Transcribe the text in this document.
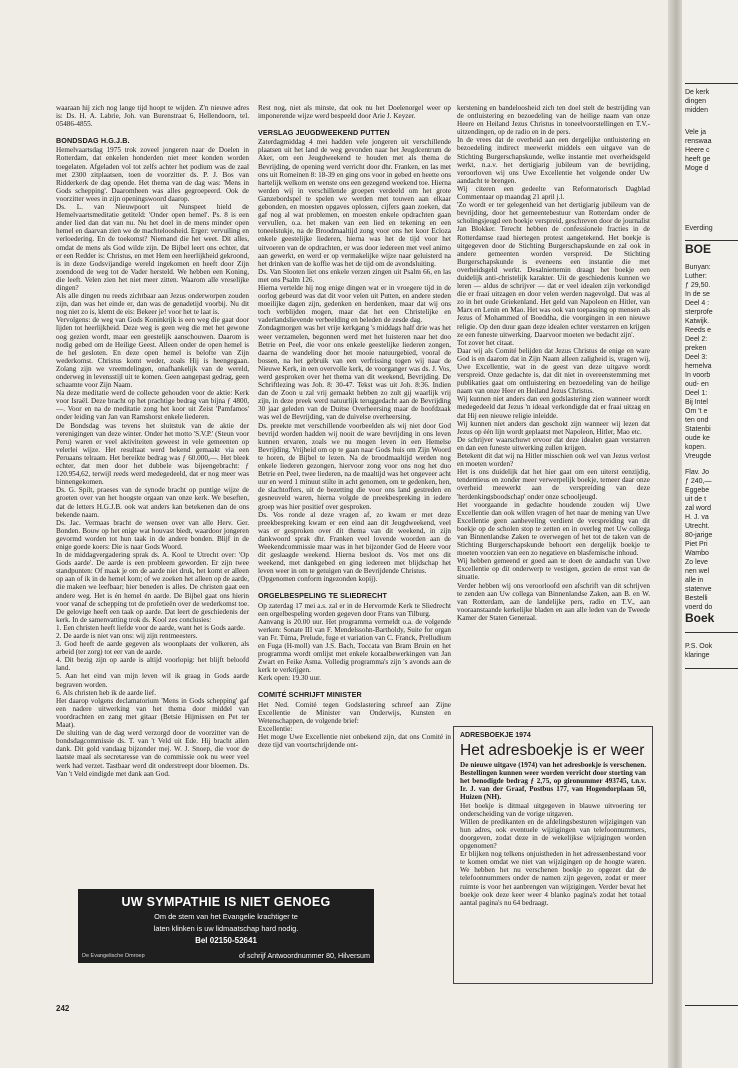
waaraan hij zich nog lange tijd hoopt te wijden. Z'n nieuwe adres is: Ds. H. A. Labrie, Joh. van Burenstraat 6, Hellendoorn, tel. 05486-4855.

BONDSDAG H.G.J.B.

Hemelvaartsdag 1975 trok zoveel jongeren naar de Doelen in Rotterdam, dat enkelen honderden niet meer konden worden toegelaten. Afgeladen vol tot zelfs achter het podium was de zaal met 2300 zitplaatsen, toen de voorzitter ds. P. J. Bos van Ridderkerk de dag opende. Het thema van de dag was: 'Mens in Gods schepping'. Daaromheen was alles gegroepeerd. Ook de voorzitter wees in zijn openingswoord daarop.

Ds. L. van Nieuwpoort uit Nunspeet hield de Hemelvaartsmeditatie getiteld: 'Onder open hemel'. Ps. 8 is een ander lied dan dat van nu. Nu het doel in de mens minder open hemel en daarvan zien we de machteloosheid. Erger: vervuiling en verloedering. En de toekomst? Niemand die het weet. Dit alles, omdat de mens als God wilde zijn. De Bijbel leert ons echter, dat er een Redder is: Christus, en met Hem een heerlijkheid gekroond, is in deze Godsvijandige wereld ingekomen en heeft door Zijn zoendood de weg tot de Vader hersteld. We hebben een Koning, die leeft. Velen zien het niet meer zitten. Waarom alle vreselijke dingen?

Als alle dingen nu reeds zichtbaar aan Jezus onderworpen zouden zijn, dan was het einde er, dan was de genadetijd voorbij. Nu dit nog niet zo is, klemt de eis: Bekeer je! voor het te laat is.

Vervolgens: de weg van Gods Koninkrijk is een weg die gaat door lijden tot heerlijkheid. Deze weg is geen weg die met het gewone oog gezien wordt, maar een geestelijk aanschouwen. Daarom is nodig gebed om de Heilige Geest. Alleen onder de open hemel is de hel gesloten. En deze open hemel is belofte van Zijn wederkomst. Christus komt weder, zoals Hij is heengegaan. Zolang zijn we vreemdelingen, onafhankelijk van de wereld, onderweg in levensstijl uit te komen. Geen aangepast gedrag, geen schaamte voor Zijn Naam.

Na deze meditatie werd de collecte gehouden voor de aktie: Kerk voor Israël. Deze bracht op het prachtige bedrag van bijna ƒ 4800,—. Voor en na de meditatie zong het koor uit Zeist 'Pamfamos' onder leiding van Jan van Ramshorst enkele liederen.

De Bondsdag was tevens het sluitstuk van de aktie der verenigingen van deze winter. Onder het motto 'S.V.P.' (Steun voor Peru) waren er veel aktiviteiten geweest in vele gemeenten op velerlei wijze. Het resultaat werd bekend gemaakt via een Peruaans telraam. Het bereikte bedrag was ƒ 60.000,—. Het bleek echter, dat men door het dubbele was bijeengebracht: ƒ 120.954,62, terwijl reeds werd medegedeeld, dat er nog meer was binnengekomen.

Ds. G. Spilt, praeses van de synode bracht op puntige wijze de groeten over van het hoogste orgaan van onze kerk. We beseften, dat de letters H.G.J.B. ook wat anders kan betekenen dan de ons bekende naam.

Ds. Jac. Vermaas bracht de wensen over van alle Herv. Ger. Bonden. Bouw op het enige wat houvast biedt, waardoor jongeren gevormd worden tot hun taak in de andere bonden. Blijf in de enige goede koers: Die is naar Gods Woord.

In de middagvergadering sprak ds. A. Kool te Utrecht over: 'Op Gods aarde'. De aarde is een probleem geworden. Er zijn twee standpunten: Of maak je om de aarde niet druk, het komt er alleen op aan of ik in de hemel kom; of we zoeken het alleen op de aarde, die maken we leefbaar; hier beneden is alles. De christen gaat een andere weg. Het is én hemel én aarde. De Bijbel gaat ons hierin voor vanaf de schepping tot de profetieën over de wederkomst toe. De gelovige heeft een taak op aarde. Dat leert de geschiedenis der kerk. In de samenvatting trok ds. Kool zes conclusies:

1. Een christen heeft liefde voor de aarde, want het is Gods aarde.

2. De aarde is niet van ons: wij zijn rentmeesters.

3. God heeft de aarde gegeven als woonplaats der volkeren, als arbeid (ter zorg) tot eer van de aarde.

4. Dit bezig zijn op aarde is altijd voorlopig: het blijft beloofd land.

5. Aan het eind van mijn leven wil ik graag in Gods aarde begraven worden.

6. Als christen heb ik de aarde lief.

Het daarop volgens declamatorium 'Mens in Gods schepping' gaf een nadere uitwerking van het thema door middel van voordrachten en zang met gitaar (Betsie Hijmissen en Pet ter Maat).

De sluiting van de dag werd verzorgd door de voorzitter van de bondsdagcommissie ds. T. van 't Veld uit Ede. Hij bracht allen dank. Dit gold vandaag bijzonder mej. W. J. Snoep, die voor de laatste maal als secretaresse van de commissie ook nu weer veel werk had verzet. Tastbaar werd dit onderstreept door bloemen. Ds. Van 't Veld eindigde met dank aan God.

Rest nog, niet als minste, dat ook nu het Doelenorgel weer op imponerende wijze werd bespeeld door Arie J. Keyzer.

VERSLAG JEUGDWEEKEND PUTTEN

Zaterdagmiddag 4 mei hadden vele jongeren uit verschillende plaatsen uit het land de weg gevonden naar het Jeugdcentrum de Aker, om een Jeugdweekend te houden met als thema de Bevrijding, de opening werd verricht door dhr. Franken, en las met ons uit Romeinen 8: 18-39 en ging ons voor in gebed en heette ons hartelijk welkom en wenste ons een gezegend weekend toe. Hierna werden wij in verschillende groepen verdeeld om het grote Ganzebordspel te spelen we werden met touwen aan elkaar gebonden, en moesten opgaves oplossen, cijfers gaan zoeken, dat gaf nog al wat problemen, en moesten enkele opdrachten gaan vervullen, o.a. het maken van een lied en tekening en een toneelstukje, na de Broodmaaltijd zong voor ons het koor Ecloza enkele geestelijke liederen, hierna was het de tijd voor het uitvoeren van de opdrachten, er was door iedereen met veel animo aan gewerkt, en werd er op vermakelijke wijze naar geluisterd na het drinken van de koffie was het de tijd om de avondsluiting.

Ds. Van Slooten liet ons enkele verzen zingen uit Psalm 66, en las met ons Psalm 126.

Hierna vertelde hij nog enige dingen wat er in vroegere tijd in de oorlog gebeurd was dat dit voor velen uit Putten, en andere steden moeilijke dagen zijn, gedenken en herdenken, maar dat wij ons toch verblijden mogen, maar dat het een Christelijke en vaderlandslievende verbeelding en beleden de zesde dag.

Zondagmorgen was het vrije kerkgang 's middags half drie was het weer verzamelen, begonnen werd met het luisteren naar het doo Betrie en Peel, die voor ons enkele geestelijke liederen zongen, daarna de wandeling door het mooie natuurgebied, vooral de bossen, na het gebruik van een verfrissing togen wij naar de Nieuwe Kerk, in een overvolle kerk, de voorganger was ds. J. Vos, werd gesproken over het thema van dit weekend, Bevrijding. De Schriftlezing was Joh. 8: 30-47. Tekst was uit Joh. 8:36. Indien dan de Zoon u zal vrij gemaakt hebben zo zult gij waarlijk vrij zijn, in deze preek werd natuurlijk teruggedacht aan de Bevrijding 30 jaar geleden van de Duitse Overheersing maar de hoofdzaak was wel de Bevrijding, van de duivelse overheersing.

Ds. preekte met verschillende voorbeelden als wij niet door God bevrijd worden hadden wij nooit de ware bevrijding in ons leven kunnen ervaren, zoals we nu mogen leven in een Hemelse Bevrijding. Vrijheid om op te gaan naar Gods huis om Zijn Woord te horen, de Bijbel te lezen. Na de broodmaaltijd werden nog enkele liederen gezongen, hiervoor zong voor ons nog het duo Betrie en Peel, twee liederen, na de maaltijd was het ongeveer acht uur en werd 1 minuut stilte in acht genomen, om te gedenken, hen, de slachtoffers, uit de bezetting die voor ons land gestreden en gesneuveld waren, hierna volgde de preekbespreking in iedere groep was hier positief over gesproken.

Ds. Vos ronde al deze vragen af, zo kwam er met deze preekbespreking kwam er een eind aan dit Jeugdweekend, veel was er gesproken over dit thema van dit weekend, in zijn dankwoord sprak dhr. Franken veel lovende woorden aan de Weekendcommissie maar was in het bijzonder God de Heere voor dit geslaagde weekend. Hierna besloot ds. Vos met ons dit weekend, met dankgebed en ging iedereen met blijdschap het leven weer in om te getuigen van de Bevrijdende Christus.

(Opgenomen conform ingezonden kopij).

ORGELBESPELING TE SLIEDRECHT

Op zaterdag 17 mei a.s. zal er in de Hervormde Kerk te Sliedrecht een orgelbespeling worden gegeven door Frans van Tilburg.

Aanvang is 20.00 uur. Het programma vermeldt o.a. de volgende werken: Sonate III van F. Mendelssohn-Bartholdy, Suite for organ van Fr. Túma, Prelude, fuge et variation van C. Franck, Prelludium en Fuga (H-moll) van J.S. Bach, Toccata van Bram Bruin en het programma wordt omlijst met enkele koraalbewerkingen van Jan Zwart en Feike Asma. Volledig programma's zijn 's avonds aan de kerk te verkrijgen.

Kerk open: 19.30 uur.

COMITÉ SCHRIJFT MINISTER

Het Ned. Comité tegen Godslastering schreef aan Zijne Excellentie de Minister van Onderwijs, Kunsten en Wetenschappen, de volgende brief:

Excellentie:

Het moge Uwe Excellentie niet onbekend zijn, dat ons Comité in deze tijd van voortschrijdende ont-

kerstening en bandeloosheid zich ten doel stelt de bestrijding van de ontluistering en bezoedeling van de heilige naam van onze Heere en Heiland Jezus Christus in toneelvoorstellingen en T.V.-uitzendingen, op de radio en in de pers.

In de vrees dat de overheid aan een dergelijke ontluistering en bezoedeling indirect meewerkt middels een uitgave van de Stichting Burgerschapskunde, welke instantie met overheidsgeld werkt, n.a.v. het dertigjarig jubileum van de bevrijding, veroorloven wij ons Uwe Excellentie het volgende onder Uw aandacht te brengen.

Wij citeren een gedeelte van Reformatorisch Dagblad Commentaar op maandag 21 april j.l.

'Zo wordt er ter gelegenheid van het dertigjarig jubileum van de bevrijding, door het gemeentebestuur van Rotterdam onder de scholingsjeugd een boekje verspreid, geschreven door de journalist Jan Blokker. Terecht hebben de confessionele fracties in de Rotterdamse raad hiertegen protest aangetekend. Het boekje is uitgegeven door de Stichting Burgerschapskunde en zal ook in andere gemeenten worden verspreid. De Stichting Burgerschapskunde is eveneens een instantie die met overheidsgeld werkt. Desalniettemin draagt het boekje een duidelijk anti-christelijk karakter. Uit de geschiedenis kunnen we leren — aldus de schrijver — dat er veel idealen zijn verkondigd die er fraai uitzagen en door velen werden nagevolgd. Dat was al zo in het oude Griekenland. Het geld van Napoleon en Hitler, van Marx en Lenin en Mao. Het was ook van toepassing op mensen als Jezus of Mohammed of Boeddha, die voorgingen in een nieuwe religie. Op den duur gaan deze idealen echter verstarren en krijgen ze een funeste uitwerking. Daarvoor moeten we bedacht zijn'.

Tot zover het citaat.

Daar wij als Comité belijden dat Jezus Christus de enige en ware God is en daarom dat in Zijn Naam alleen zaligheid is, vragen wij, Uwe Excellentie, wat in de geest van deze uitgave wordt verspreid. Onze gedachte is, dat dit niet in overeenstemming met publikaties gaat om ontluistering en bezoedeling van de heilige naam van onze Heer en Heiland Jezus Christus.

Wij kunnen niet anders dan een godslastering zien wanneer wordt medegedeeld dat Jezus 'n ideaal verkondigde dat er fraai uitzag en dat Hij een nieuwe religie inleidde.

Wij kunnen niet anders dan geschokt zijn wanneer wij lezen dat Jezus op één lijn wordt geplaatst met Napoleon, Hitler, Mao etc.

De schrijver waarschuwt ervoor dat deze idealen gaan verstarren en dan een funeste uitwerking zullen krijgen.

Betekent dit dat wij na Hitler misschien ook wel van Jezus verlost en moeten worden?

Het is ons duidelijk dat het hier gaat om een uiterst eenzijdig, tendentieus en zonder meer verwerpelijk boekje, temeer daar onze overheid meewerkt aan de verspreiding van deze 'herdenkingsboodschap' onder onze schooljeugd.

Het voorgaande in gedachte houdende zouden wij Uwe Excellentie dan ook willen vragen of het naar de mening van Uwe Excellentie geen aanbeveling verdient de verspreiding van dit boekje op de scholen stop te zetten en in overleg met Uw collega van Binnenlandse Zaken te overwegen of het tot de taken van de Stichting Burgerschapskunde behoort een dergelijk boekje te moeten voorzien van een zo negatieve en blasfemische inhoud.

Wij hebben gemeend er goed aan te doen de aandacht van Uwe Excellentie op dit onderwerp te vestigen, gezien de ernst van de situatie.

Verder hebben wij ons veroorloofd een afschrift van dit schrijven te zenden aan Uw collega van Binnenlandse Zaken, aan B. en W. van Rotterdam, aan de landelijke pers, radio en T.V., aan vooraanstaande kerkelijke bladen en aan alle leden van de Tweede Kamer der Staten Generaal.

UW SYMPATHIE IS NIET GENOEG
Om de stem van het Evangelie krachtiger te
laten klinken is uw lidmaatschap hard nodig.
Bel 02150-52641
De Evangelische Omroep	of schrijf Antwoordnummer 80, Hilversum
ADRESBOEKJE 1974
Het adresboekje is er weer

De nieuwe uitgave (1974) van het adresboekje is verschenen. Bestellingen kunnen weer worden verricht door storting van het benodigde bedrag ƒ 2,75, op gironummer 493745, t.n.v. Ir. J. van der Graaf, Postbus 177, van Hogendorplaan 50, Huizen (NH).

Het boekje is ditmaal uitgegeven in blauwe uitvoering ter onderscheiding van de vorige uitgaven.

Willen de predikanten en de afdelingsbesturen wijzigingen van hun adres, ook eventuele wijzigingen van telefoonnummers, doorgeven, zodat deze in de wekelijkse wijzigingen worden opgenomen?

Er blijken nog telkens onjuistheden in het adressenbestand voor te komen omdat we niet van wijzigingen op de hoogte waren. We hebben het nu verschenen boekje zo opgezet dat de telefoonnummers onder de namen zijn gegeven, zodat er meer ruimte is voor het aanbrengen van wijzigingen. Verder bevat het boekje ook deze keer weer 4 blanko pagina's zodat het totaal aantal pagina's nu 64 bedraagt.

242
De kerk
dingen
midden
Vele ja
renswaa
Heere c
heeft ge
Moge d
Everding
BOE
Bunyan:
Luther:
ƒ 29,50.
In de se
Deel 4 :
sterprofe
Katwijk.
Reeds e
Deel 2:
preken
Deel 3:
hemelva
In voorb
oud- en
Deel 1:
Bij Intel
Om 't e
ten ond
Statenbi
oude ke
kopen.
Vreugde
Flav. Jo
ƒ 240,—
Eggebe
uit de t
zal word
H. J. va
Utrecht.
80-jarige
Piet Pri
Wambo
Zo leve
nen wel
alle in
statenve
Bestelli
voerd do
Boek
P.S. Ook
klaringe
